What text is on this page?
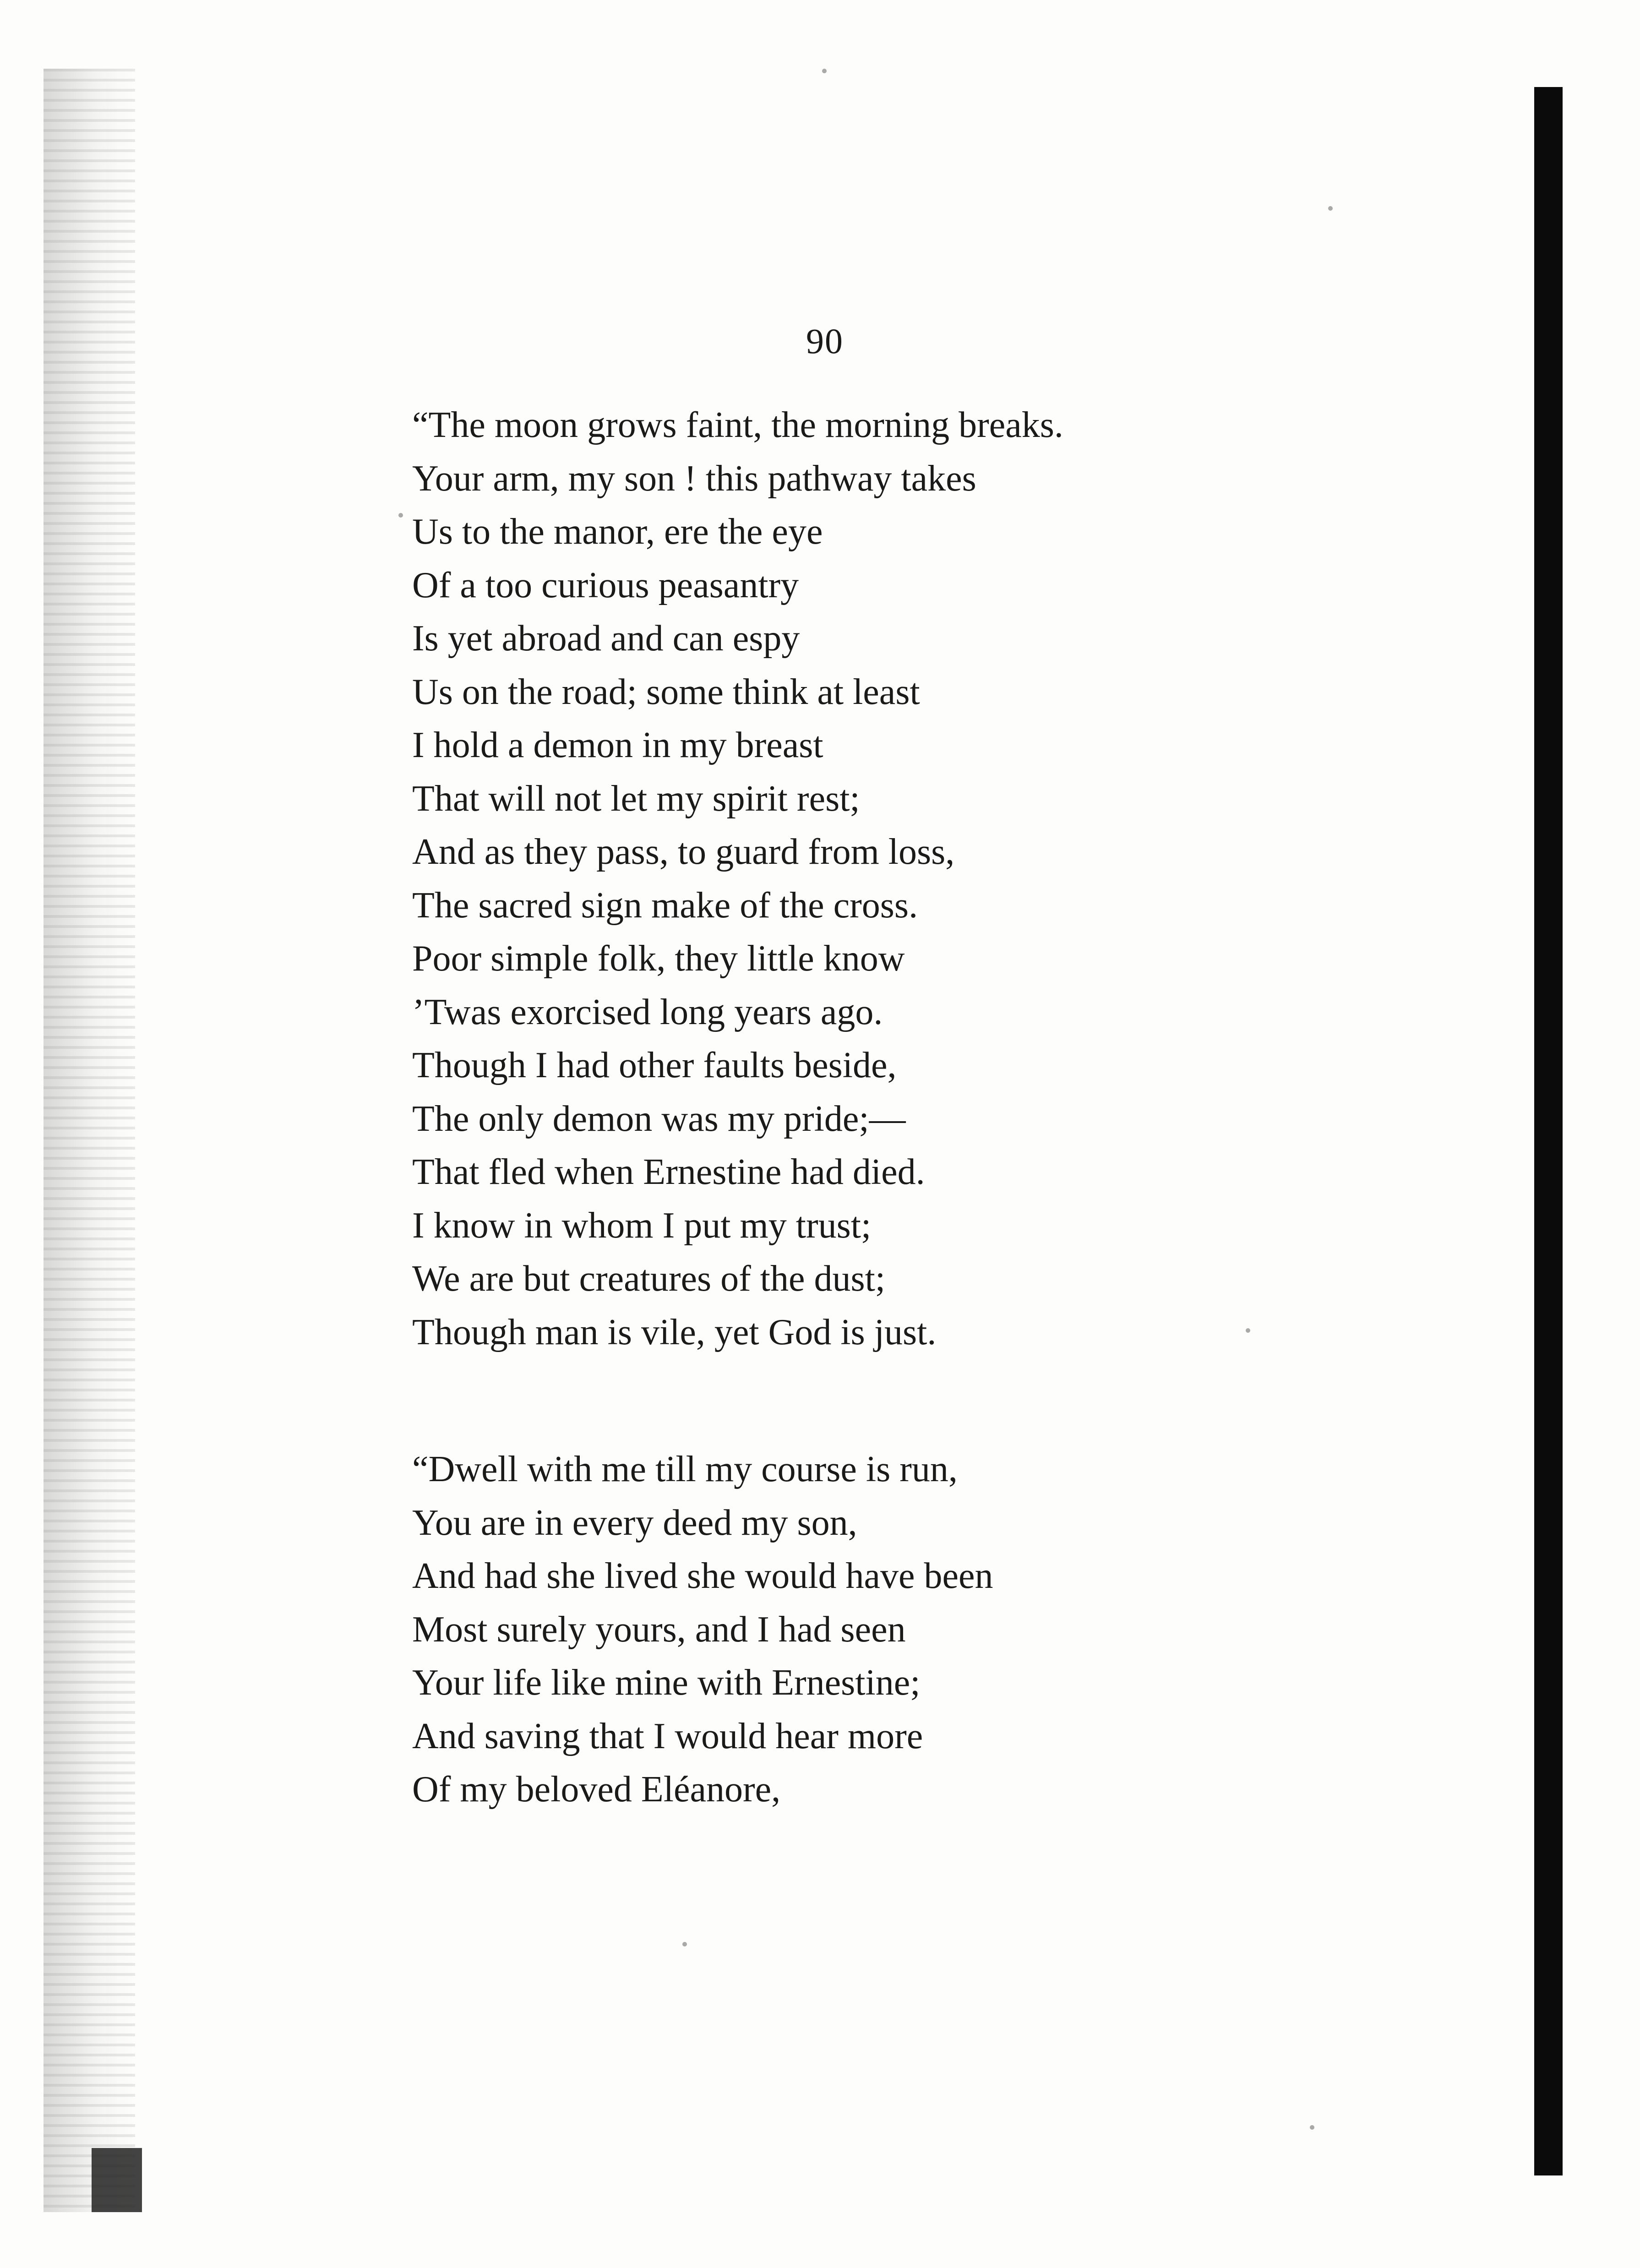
90
“The moon grows faint, the morning breaks.
Your arm, my son ! this pathway takes
Us to the manor, ere the eye
Of a too curious peasantry
Is yet abroad and can espy
Us on the road; some think at least
I hold a demon in my breast
That will not let my spirit rest;
And as they pass, to guard from loss,
The sacred sign make of the cross.
Poor simple folk, they little know
’Twas exorcised long years ago.
Though I had other faults beside,
The only demon was my pride;—
That fled when Ernestine had died.
I know in whom I put my trust;
We are but creatures of the dust;
Though man is vile, yet God is just.
“Dwell with me till my course is run,
You are in every deed my son,
And had she lived she would have been
Most surely yours, and I had seen
Your life like mine with Ernestine;
And saving that I would hear more
Of my beloved Eléanore,
